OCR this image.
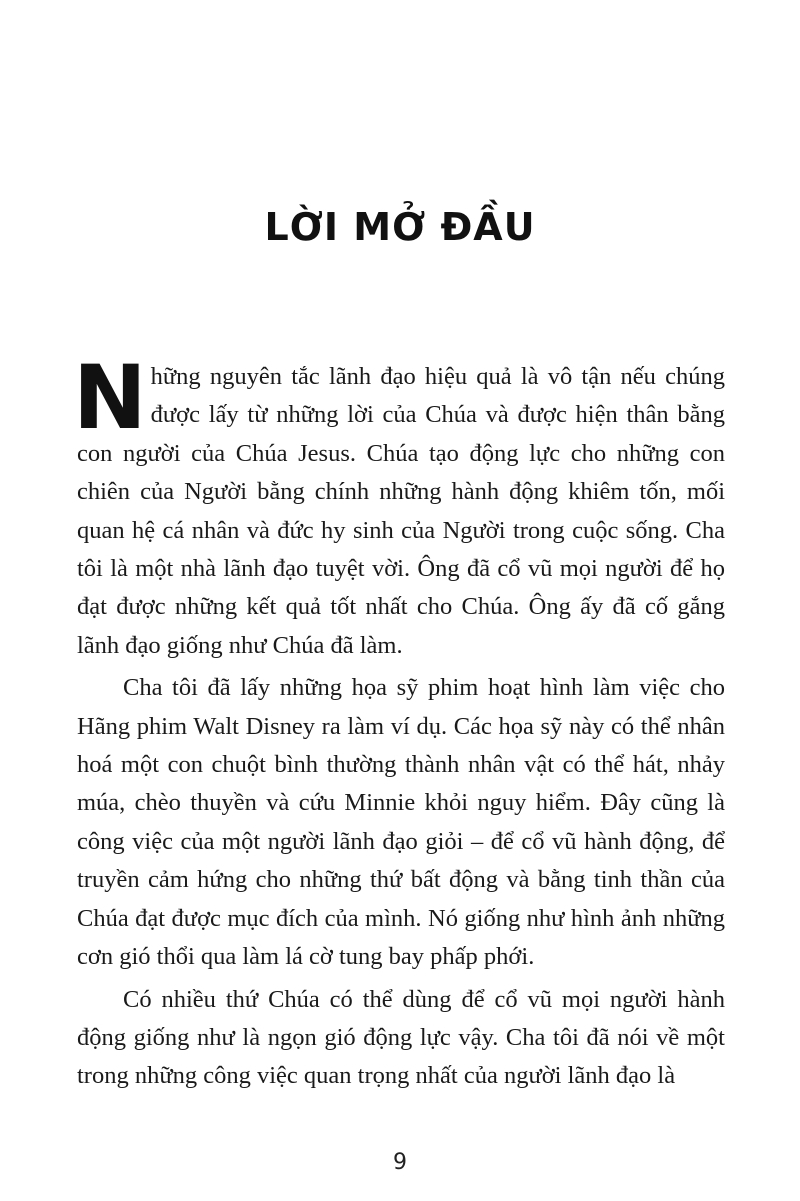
LỜI MỞ ĐẦU

Những nguyên tắc lãnh đạo hiệu quả là vô tận nếu chúng được lấy từ những lời của Chúa và được hiện thân bằng con người của Chúa Jesus. Chúa tạo động lực cho những con chiên của Người bằng chính những hành động khiêm tốn, mối quan hệ cá nhân và đức hy sinh của Người trong cuộc sống. Cha tôi là một nhà lãnh đạo tuyệt vời. Ông đã cổ vũ mọi người để họ đạt được những kết quả tốt nhất cho Chúa. Ông ấy đã cố gắng lãnh đạo giống như Chúa đã làm.

Cha tôi đã lấy những họa sỹ phim hoạt hình làm việc cho Hãng phim Walt Disney ra làm ví dụ. Các họa sỹ này có thể nhân hoá một con chuột bình thường thành nhân vật có thể hát, nhảy múa, chèo thuyền và cứu Minnie khỏi nguy hiểm. Đây cũng là công việc của một người lãnh đạo giỏi – để cổ vũ hành động, để truyền cảm hứng cho những thứ bất động và bằng tinh thần của Chúa đạt được mục đích của mình. Nó giống như hình ảnh những cơn gió thổi qua làm lá cờ tung bay phấp phới.

Có nhiều thứ Chúa có thể dùng để cổ vũ mọi người hành động giống như là ngọn gió động lực vậy. Cha tôi đã nói về một trong những công việc quan trọng nhất của người lãnh đạo là

9
